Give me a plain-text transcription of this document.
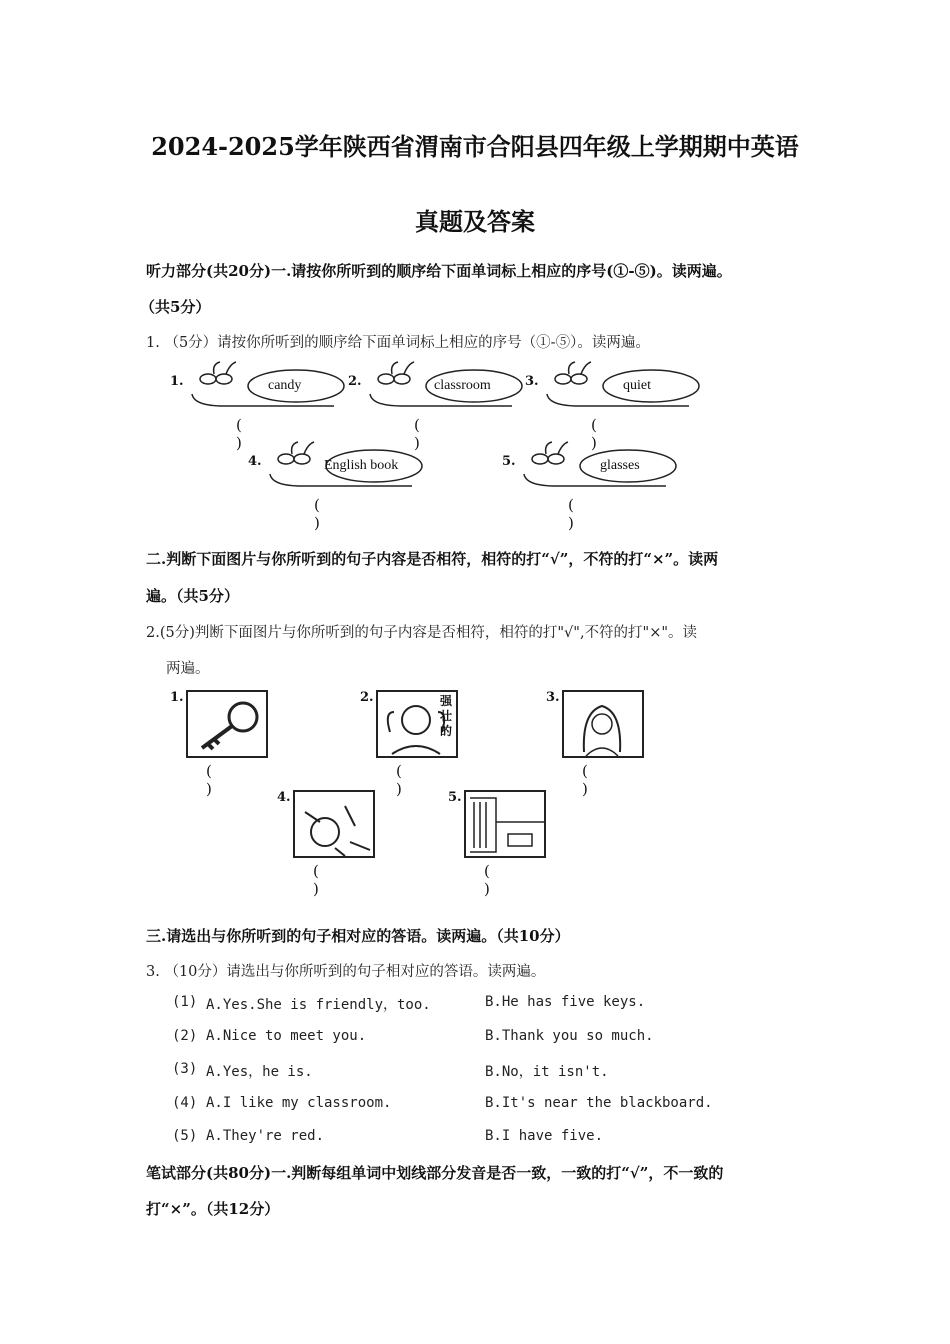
2024-2025学年陕西省渭南市合阳县四年级上学期期中英语
真题及答案
听力部分(共20分)一.请按你所听到的顺序给下面单词标上相应的序号(①-⑤)。读两遍。
（共5分）
1. （5分）请按你所听到的顺序给下面单词标上相应的序号（①-⑤）。读两遍。
1.	candy
( )
2.	classroom
( )
3.	quiet
( )
4.	English book
( )
5.	glasses
( )
二.判断下面图片与你所听到的句子内容是否相符，相符的打“√”，不符的打“×”。读两
遍。（共5分）
2.(5分)判断下面图片与你所听到的句子内容是否相符，相符的打"√",不符的打"×"。读
两遍。
1.
( )
2.	强壮的
( )
3.
( )
4.
( )
5.
( )
三.请选出与你所听到的句子相对应的答语。读两遍。（共10分）
3. （10分）请选出与你所听到的句子相对应的答语。读两遍。
(1) A.Yes.She is friendly，too.	B.He has five keys.
(2) A.Nice to meet you.	B.Thank you so much.
(3) A.Yes，he is.	B.No，it isn't.
(4) A.I like my classroom.	B.It's near the blackboard.
(5) A.They're red.	B.I have five.
笔试部分(共80分)一.判断每组单词中划线部分发音是否一致，一致的打“√”，不一致的
打“×”。（共12分）
